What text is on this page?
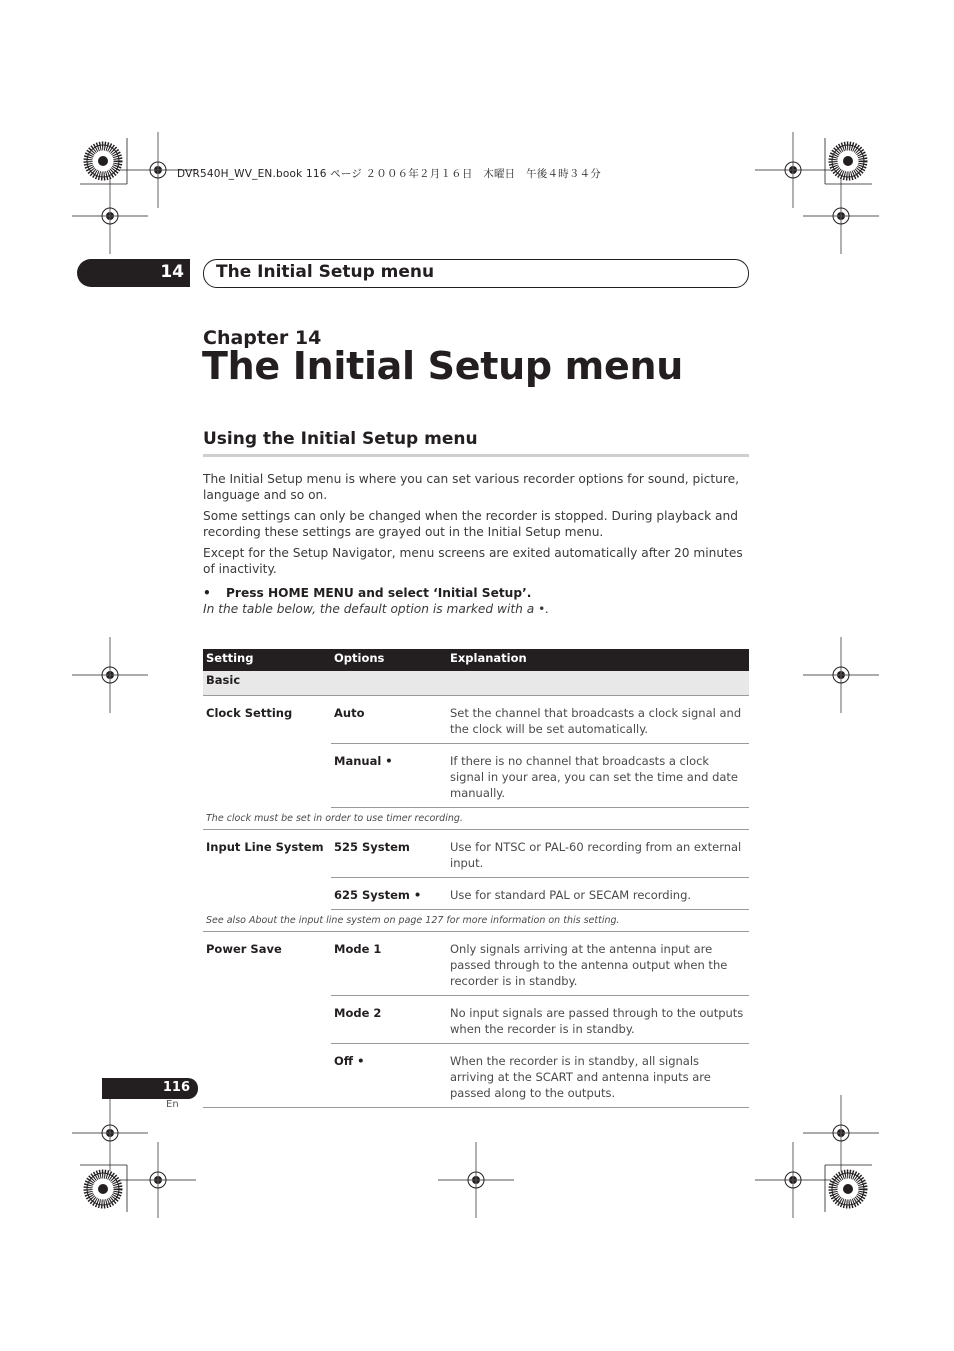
DVR540H_WV_EN.book 116 ページ ２００６年２月１６日　木曜日　午後４時３４分
14 The Initial Setup menu
Chapter 14
The Initial Setup menu
Using the Initial Setup menu
The Initial Setup menu is where you can set various recorder options for sound, picture, language and so on.
Some settings can only be changed when the recorder is stopped. During playback and recording these settings are grayed out in the Initial Setup menu.
Except for the Setup Navigator, menu screens are exited automatically after 20 minutes of inactivity.
• Press HOME MENU and select ‘Initial Setup’.
In the table below, the default option is marked with a •.
Setting	Options	Explanation
Basic		
Clock Setting	Auto	Set the channel that broadcasts a clock signal and the clock will be set automatically.
	Manual •	If there is no channel that broadcasts a clock signal in your area, you can set the time and date manually.
The clock must be set in order to use timer recording.		
Input Line System	525 System	Use for NTSC or PAL-60 recording from an external input.
	625 System •	Use for standard PAL or SECAM recording.
See also About the input line system on page 127 for more information on this setting.		
Power Save	Mode 1	Only signals arriving at the antenna input are passed through to the antenna output when the recorder is in standby.
	Mode 2	No input signals are passed through to the outputs when the recorder is in standby.
	Off •	When the recorder is in standby, all signals arriving at the SCART and antenna inputs are passed along to the outputs.
116
En
